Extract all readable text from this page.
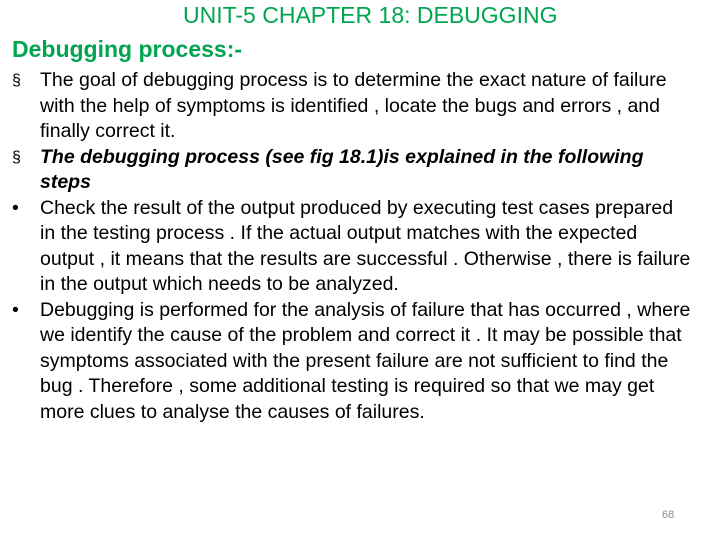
UNIT-5 CHAPTER 18: DEBUGGING
Debugging process:-
§ The goal of debugging process is to determine the exact nature of failure with the help of symptoms is identified , locate the bugs and errors , and finally correct it.
§ The debugging process (see fig 18.1)is explained in the following steps
•	Check the result of the output produced by executing test cases prepared in the testing process . If the actual output matches with the expected output , it means that the results are successful . Otherwise , there is failure in the output which needs to be analyzed.
•	Debugging is performed for the analysis of failure that has occurred , where we identify the cause of the problem and correct it . It may be possible that symptoms associated with the present failure are not sufficient to find the bug . Therefore , some additional testing is required so that we may get more clues to analyse the causes of failures.
68
